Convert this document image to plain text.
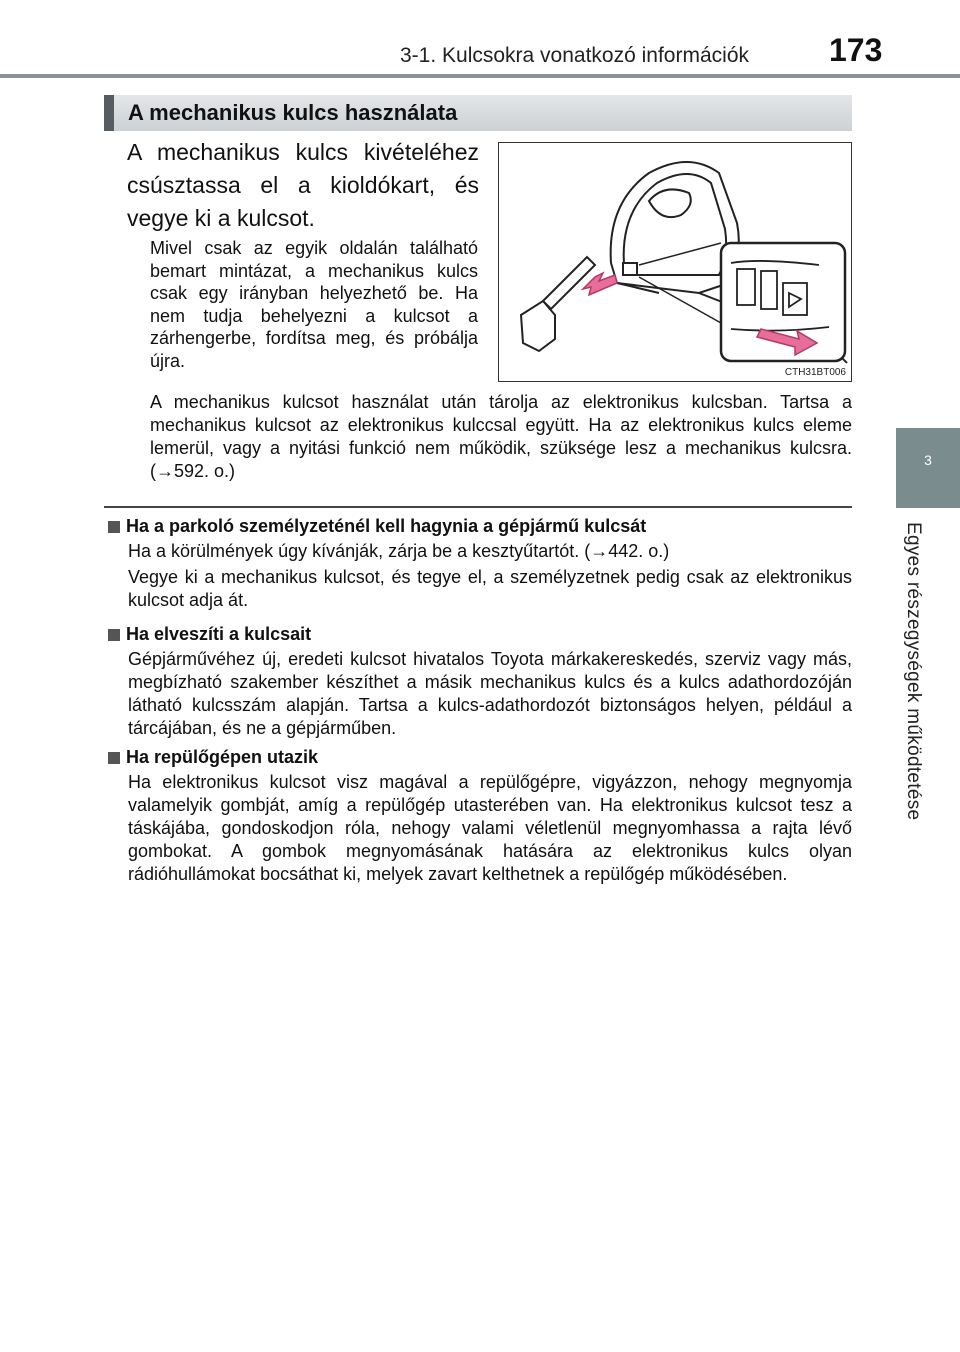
3-1. Kulcsokra vonatkozó információk	173
3
Egyes részegységek működtetése
A mechanikus kulcs használata
A mechanikus kulcs kivételéhez csúsztassa el a kioldókart, és vegye ki a kulcsot.
Mivel csak az egyik oldalán található bemart mintázat, a mechanikus kulcs csak egy irányban helyezhető be. Ha nem tudja behelyezni a kulcsot a zárhengerbe, fordítsa meg, és próbálja újra.
CTH31BT006
A mechanikus kulcsot használat után tárolja az elektronikus kulcsban. Tartsa a mechanikus kulcsot az elektronikus kulccsal együtt. Ha az elektronikus kulcs eleme lemerül, vagy a nyitási funkció nem működik, szüksége lesz a mechanikus kulcsra. (→592. o.)
Ha a parkoló személyzeténél kell hagynia a gépjármű kulcsát

Ha a körülmények úgy kívánják, zárja be a kesztyűtartót. (→442. o.)

Vegye ki a mechanikus kulcsot, és tegye el, a személyzetnek pedig csak az elektronikus kulcsot adja át.

Ha elveszíti a kulcsait

Gépjárművéhez új, eredeti kulcsot hivatalos Toyota márkakereskedés, szerviz vagy más, megbízható szakember készíthet a másik mechanikus kulcs és a kulcs adathordozóján látható kulcsszám alapján. Tartsa a kulcs-adathordozót biztonságos helyen, például a tárcájában, és ne a gépjárműben.

Ha repülőgépen utazik

Ha elektronikus kulcsot visz magával a repülőgépre, vigyázzon, nehogy megnyomja valamelyik gombját, amíg a repülőgép utasterében van. Ha elektronikus kulcsot tesz a táskájába, gondoskodjon róla, nehogy valami véletlenül megnyomhassa a rajta lévő gombokat. A gombok megnyomásának hatására az elektronikus kulcs olyan rádióhullámokat bocsáthat ki, melyek zavart kelthetnek a repülőgép működésében.
